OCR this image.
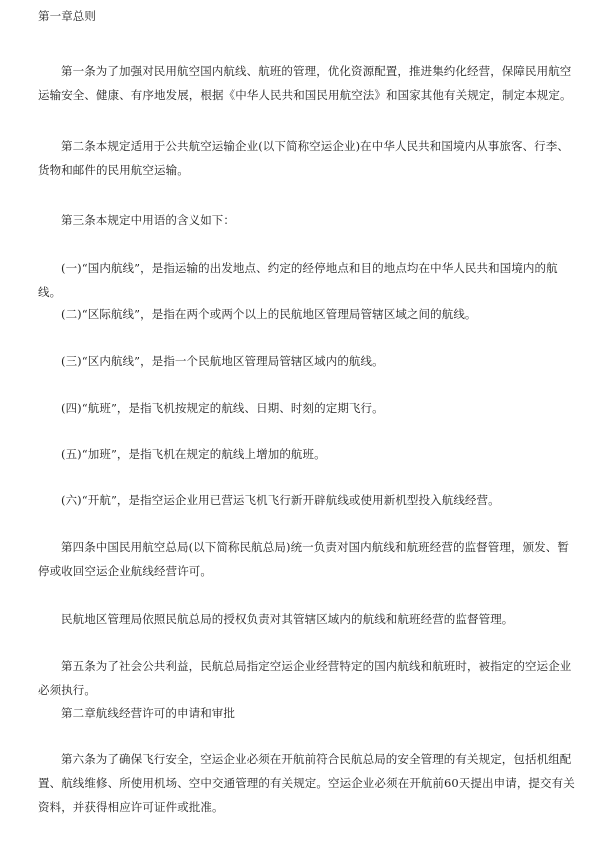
第一章总则

第一条为了加强对民用航空国内航线、航班的管理，优化资源配置，推进集约化经营，保障民用航空运输安全、健康、有序地发展，根据《中华人民共和国民用航空法》和国家其他有关规定，制定本规定。

第二条本规定适用于公共航空运输企业(以下简称空运企业)在中华人民共和国境内从事旅客、行李、货物和邮件的民用航空运输。

第三条本规定中用语的含义如下：

(一)“国内航线”，是指运输的出发地点、约定的经停地点和目的地点均在中华人民共和国境内的航线。

(二)“区际航线”，是指在两个或两个以上的民航地区管理局管辖区域之间的航线。

(三)“区内航线”，是指一个民航地区管理局管辖区域内的航线。

(四)“航班”，是指飞机按规定的航线、日期、时刻的定期飞行。

(五)“加班”，是指飞机在规定的航线上增加的航班。

(六)“开航”，是指空运企业用已营运飞机飞行新开辟航线或使用新机型投入航线经营。

第四条中国民用航空总局(以下简称民航总局)统一负责对国内航线和航班经营的监督管理，颁发、暂停或收回空运企业航线经营许可。

民航地区管理局依照民航总局的授权负责对其管辖区域内的航线和航班经营的监督管理。

第五条为了社会公共利益，民航总局指定空运企业经营特定的国内航线和航班时，被指定的空运企业必须执行。

第二章航线经营许可的申请和审批

第六条为了确保飞行安全，空运企业必须在开航前符合民航总局的安全管理的有关规定，包括机组配置、航线维修、所使用机场、空中交通管理的有关规定。空运企业必须在开航前60天提出申请，提交有关资料，并获得相应许可证件或批准。
